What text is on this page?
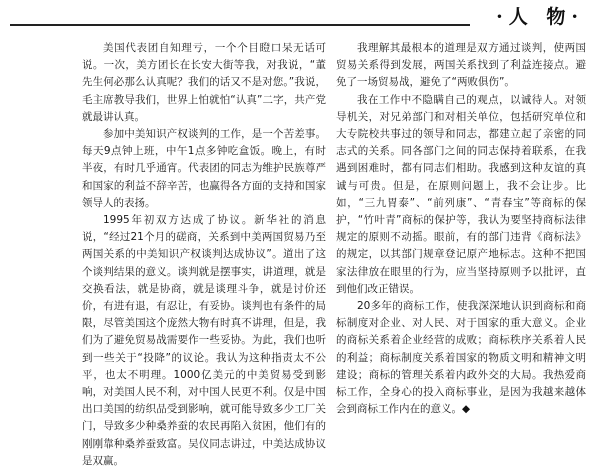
·人 物·

美国代表团自知理亏，一个个目瞪口呆无话可说。一次，美方团长在长安大街等我，对我说，“董先生何必那么认真呢？我们的话又不是对您。”我说，毛主席教导我们，世界上怕就怕“认真”二字，共产党就最讲认真。

参加中美知识产权谈判的工作，是一个苦差事。每天9点钟上班，中午1点多钟吃盒饭。晚上，有时半夜，有时几乎通宵。代表团的同志为维护民族尊严和国家的利益不辞辛苦，也赢得各方面的支持和国家领导人的表扬。

1995年初双方达成了协议。新华社的消息说，“经过21个月的磋商，关系到中美两国贸易乃至两国关系的中美知识产权谈判达成协议”。道出了这个谈判结果的意义。谈判就是摆事实，讲道理，就是交换看法，就是协商，就是谈理斗争，就是讨价还价，有进有退，有忍让，有妥协。谈判也有条件的局限，尽管美国这个庞然大物有时真不讲理，但是，我们为了避免贸易战需要作一些妥协。为此，我们也听到一些关于“投降”的议论。我认为这种指责太不公平，也太不明理。1000亿美元的中美贸易受到影响，对美国人民不利，对中国人民更不利。仅是中国出口美国的纺织品受到影响，就可能导致多少工厂关门，导致多少种桑养蚕的农民再陷入贫困，他们有的刚刚靠种桑养蚕致富。吴仪同志讲过，中美达成协议是双赢。

我理解其最根本的道理是双方通过谈判，使两国贸易关系得到发展，两国关系找到了利益连接点。避免了一场贸易战，避免了“两败俱伤”。

我在工作中不隐瞒自己的观点，以诚待人。对领导机关，对兄弟部门和对相关单位，包括研究单位和大专院校共事过的领导和同志，都建立起了亲密的同志式的关系。同各部门之间的同志保持着联系，在我遇到困难时，都有同志们相助。我感到这种友谊的真诚与可贵。但是，在原则问题上，我不会让步。比如，“三九胃泰”、“前列康”、“青春宝”等商标的保护，“竹叶青”商标的保护等，我认为要坚持商标法律规定的原则不动摇。眼前，有的部门违背《商标法》的规定，以其部门规章登记原产地标志。这种不把国家法律放在眼里的行为，应当坚持原则予以批评，直到他们改正错误。

20多年的商标工作，使我深深地认识到商标和商标制度对企业、对人民、对于国家的重大意义。企业的商标关系着企业经营的成败；商标秩序关系着人民的利益；商标制度关系着国家的物质文明和精神文明建设；商标的管理关系着内政外交的大局。我热爱商标工作，全身心的投入商标事业，是因为我越来越体会到商标工作内在的意义。◆
